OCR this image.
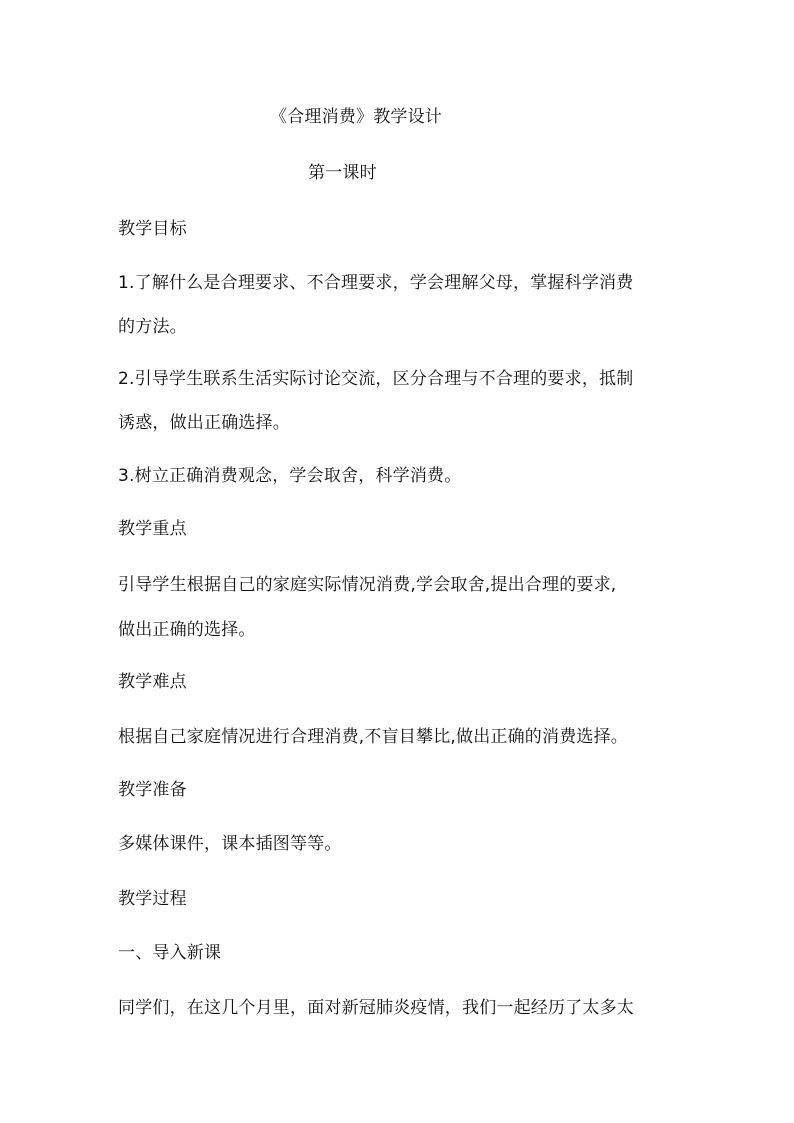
《合理消费》教学设计
第一课时
教学目标
1.了解什么是合理要求、不合理要求，学会理解父母，掌握科学消费
的方法。
2.引导学生联系生活实际讨论交流，区分合理与不合理的要求，抵制
诱惑，做出正确选择。
3.树立正确消费观念，学会取舍，科学消费。
教学重点
引导学生根据自己的家庭实际情况消费,学会取舍,提出合理的要求,
做出正确的选择。
教学难点
根据自己家庭情况进行合理消费,不盲目攀比,做出正确的消费选择。
教学准备
多媒体课件，课本插图等等。
教学过程
一、导入新课
同学们，在这几个月里，面对新冠肺炎疫情，我们一起经历了太多太
